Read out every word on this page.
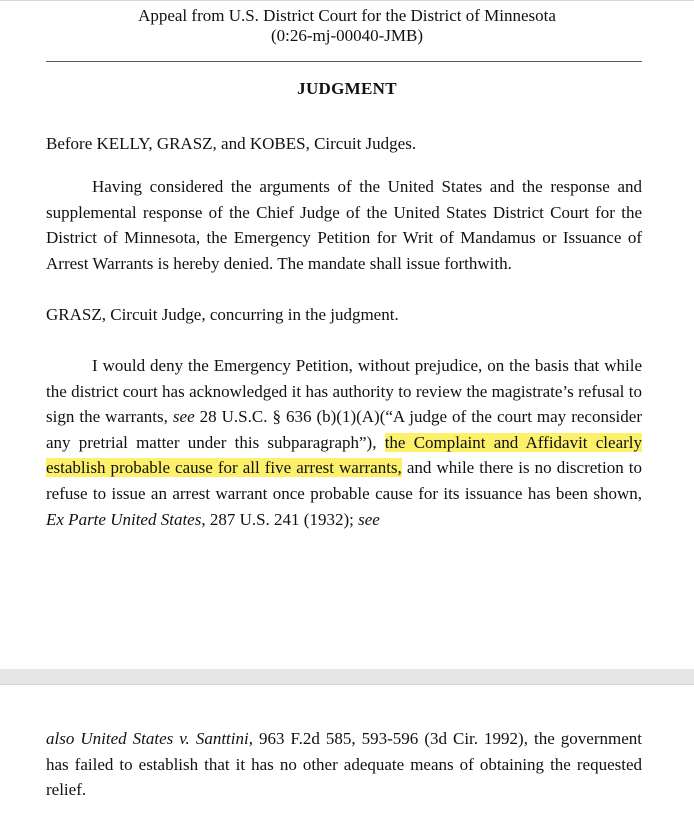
Appeal from U.S. District Court for the District of Minnesota
(0:26-mj-00040-JMB)
JUDGMENT

Before KELLY, GRASZ, and KOBES, Circuit Judges.

Having considered the arguments of the United States and the response and supplemental response of the Chief Judge of the United States District Court for the District of Minnesota, the Emergency Petition for Writ of Mandamus or Issuance of Arrest Warrants is hereby denied. The mandate shall issue forthwith.

GRASZ, Circuit Judge, concurring in the judgment.

I would deny the Emergency Petition, without prejudice, on the basis that while the district court has acknowledged it has authority to review the magistrate’s refusal to sign the warrants, see 28 U.S.C. § 636 (b)(1)(A)(“A judge of the court may reconsider any pretrial matter under this subparagraph”), the Complaint and Affidavit clearly establish probable cause for all five arrest warrants, and while there is no discretion to refuse to issue an arrest warrant once probable cause for its issuance has been shown, Ex Parte United States, 287 U.S. 241 (1932); see

also United States v. Santtini, 963 F.2d 585, 593-596 (3d Cir. 1992), the government has failed to establish that it has no other adequate means of obtaining the requested relief.
